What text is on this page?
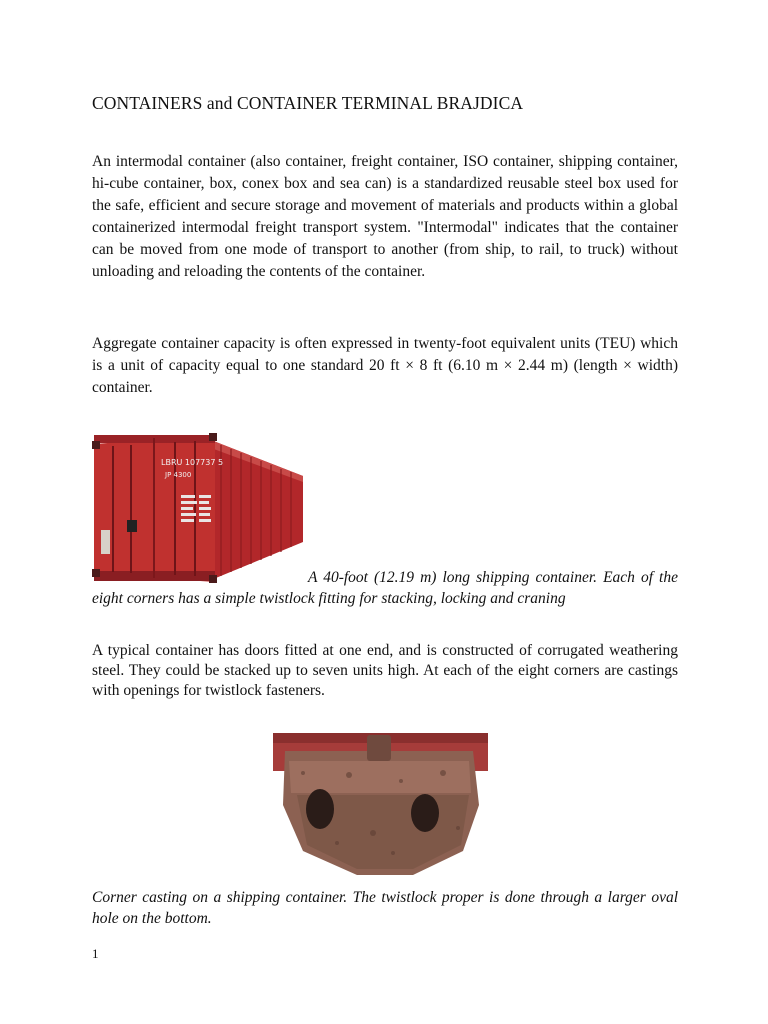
CONTAINERS and CONTAINER TERMINAL BRAJDICA
An intermodal container (also container, freight container, ISO container, shipping container, hi-cube container, box, conex box and sea can) is a standardized reusable steel box used for the safe, efficient and secure storage and movement of materials and products within a global containerized intermodal freight transport system. "Intermodal" indicates that the container can be moved from one mode of transport to another (from ship, to rail, to truck) without unloading and reloading the contents of the container.
Aggregate container capacity is often expressed in twenty-foot equivalent units (TEU) which is a unit of capacity equal to one standard 20 ft × 8 ft (6.10 m × 2.44 m) (length × width) container.
LBRU 107737 5
JP 4300
A 40-foot (12.19 m) long shipping container. Each of the eight corners has a simple twistlock fitting for stacking, locking and craning
A typical container has doors fitted at one end, and is constructed of corrugated weathering steel. They could be stacked up to seven units high. At each of the eight corners are castings with openings for twistlock fasteners.
Corner casting on a shipping container. The twistlock proper is done through a larger oval hole on the bottom.
1
